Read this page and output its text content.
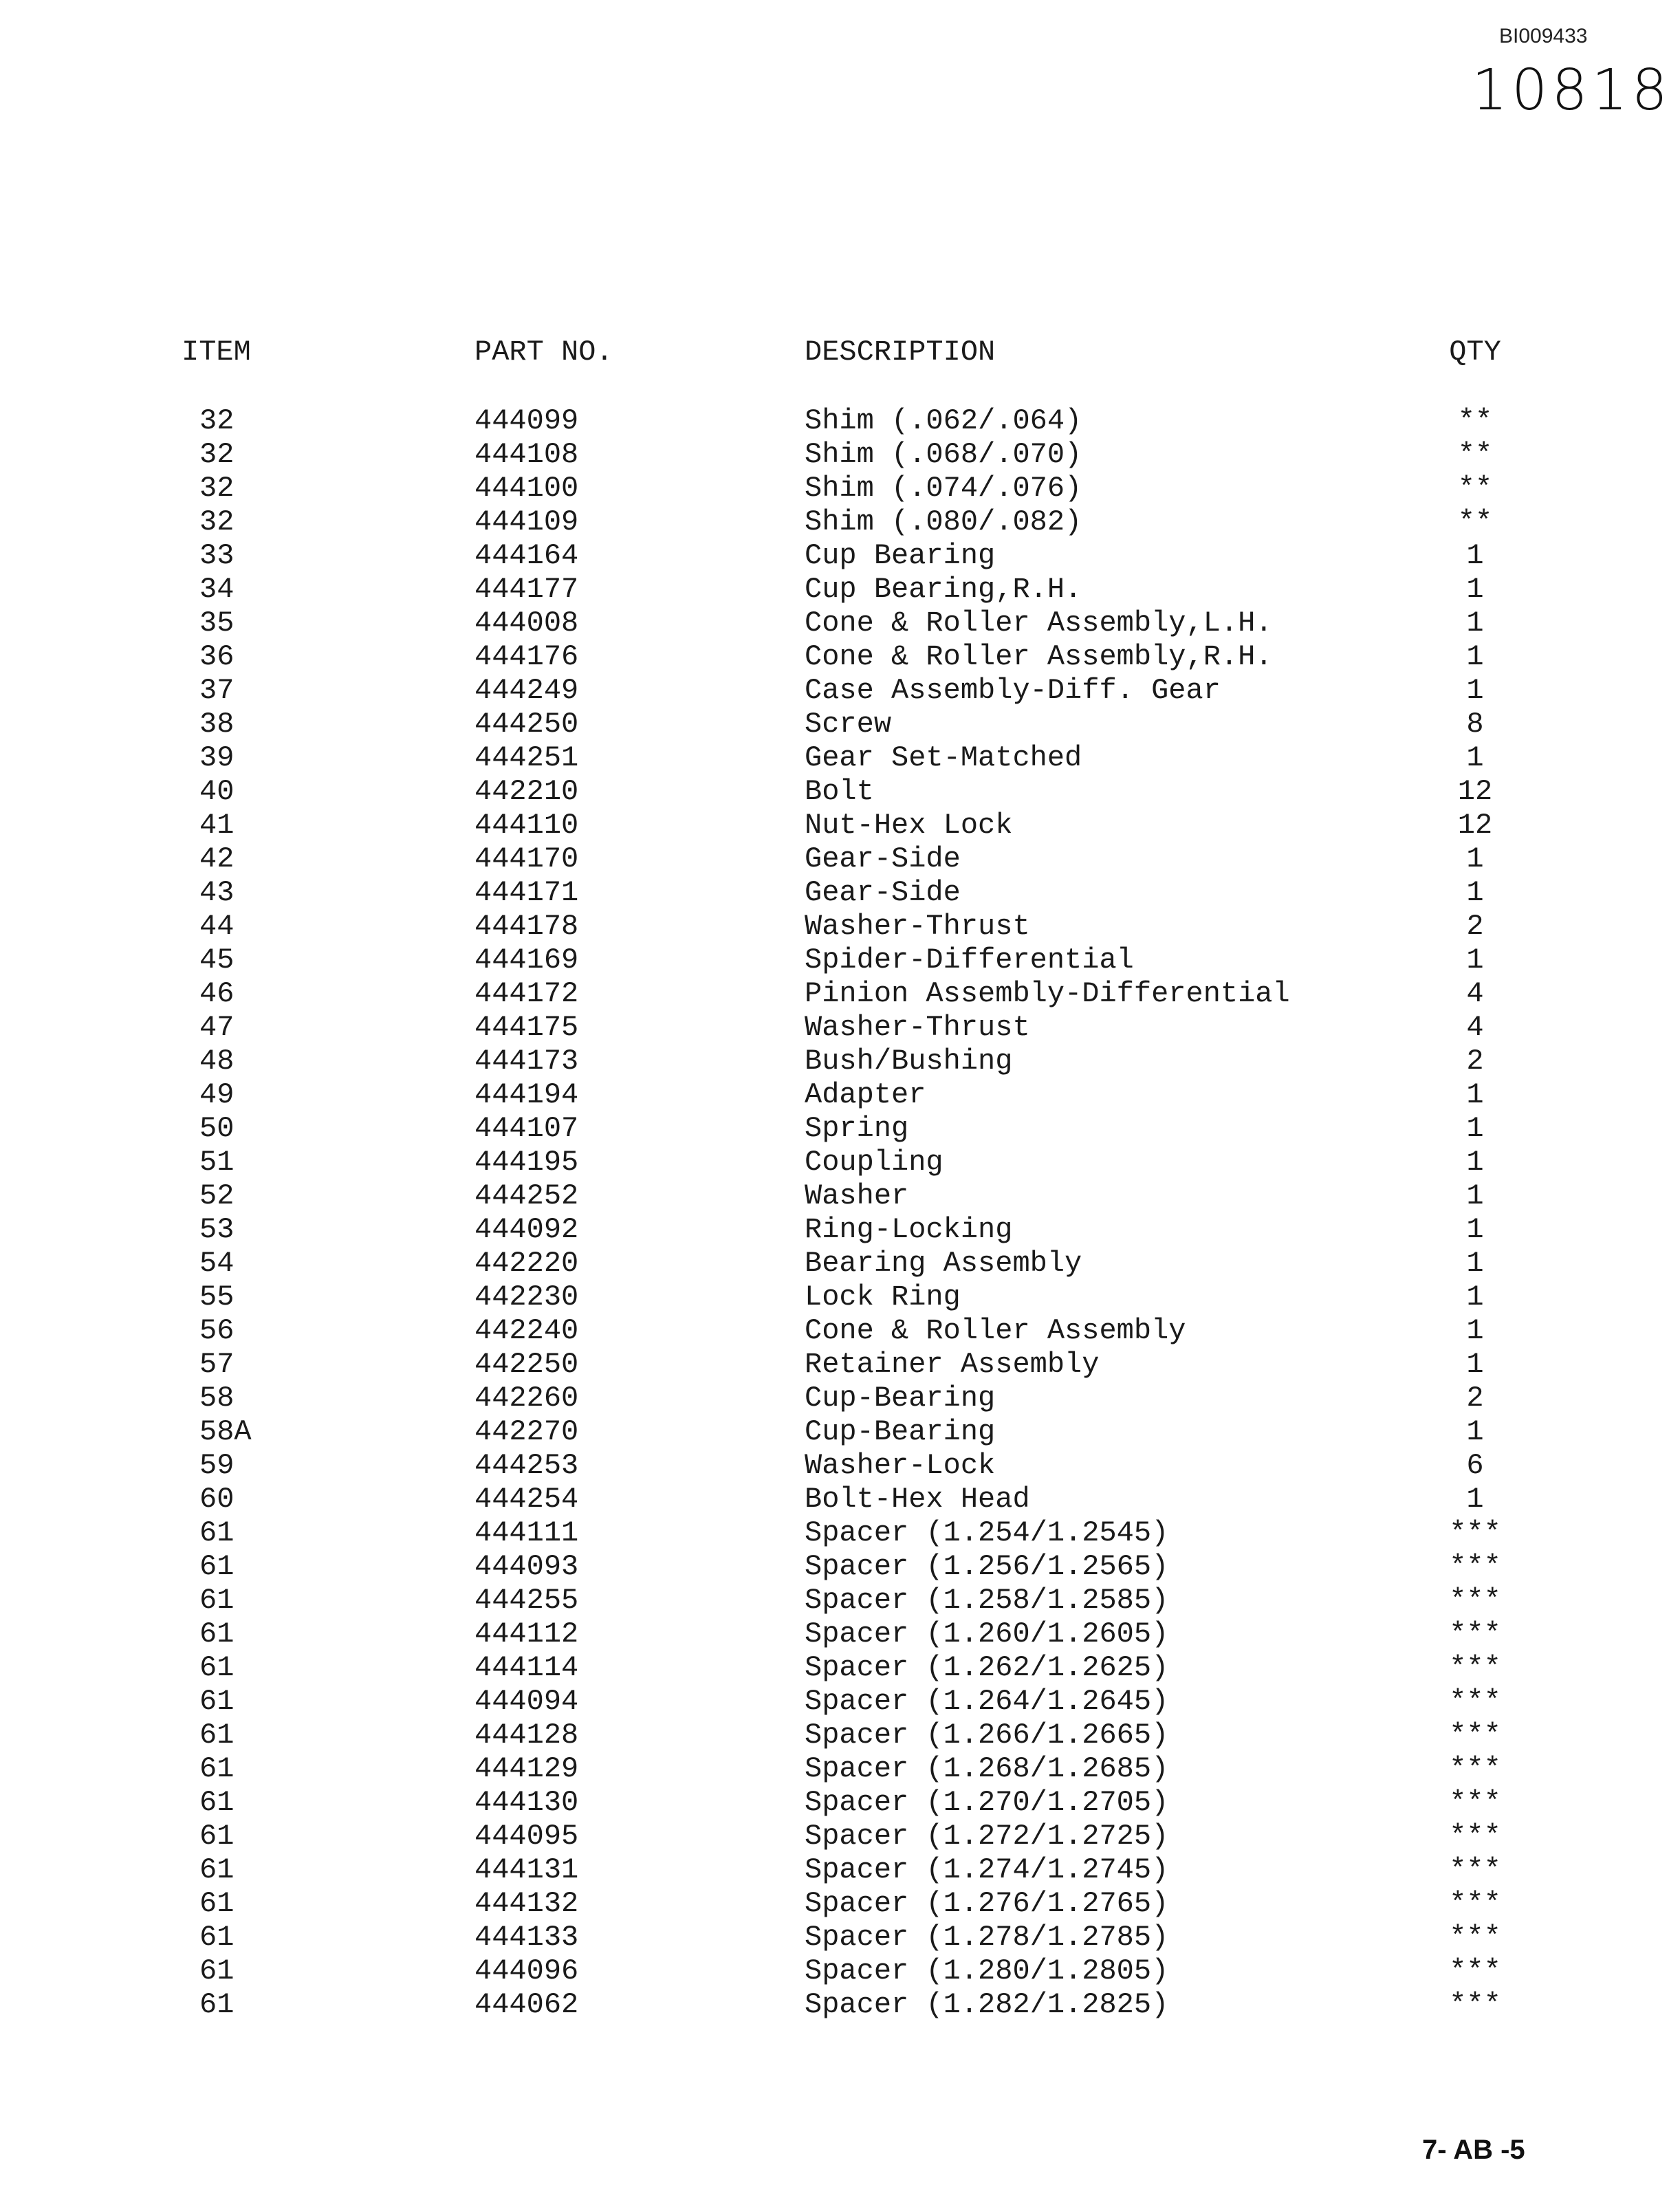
BI009433
10818
ITEM	PART NO.	DESCRIPTION	QTY
32	444099	Shim (.062/.064)	**
32	444108	Shim (.068/.070)	**
32	444100	Shim (.074/.076)	**
32	444109	Shim (.080/.082)	**
33	444164	Cup Bearing	1
34	444177	Cup Bearing,R.H.	1
35	444008	Cone & Roller Assembly,L.H.	1
36	444176	Cone & Roller Assembly,R.H.	1
37	444249	Case Assembly-Diff. Gear	1
38	444250	Screw	8
39	444251	Gear Set-Matched	1
40	442210	Bolt	12
41	444110	Nut-Hex Lock	12
42	444170	Gear-Side	1
43	444171	Gear-Side	1
44	444178	Washer-Thrust	2
45	444169	Spider-Differential	1
46	444172	Pinion Assembly-Differential	4
47	444175	Washer-Thrust	4
48	444173	Bush/Bushing	2
49	444194	Adapter	1
50	444107	Spring	1
51	444195	Coupling	1
52	444252	Washer	1
53	444092	Ring-Locking	1
54	442220	Bearing Assembly	1
55	442230	Lock Ring	1
56	442240	Cone & Roller Assembly	1
57	442250	Retainer Assembly	1
58	442260	Cup-Bearing	2
58A	442270	Cup-Bearing	1
59	444253	Washer-Lock	6
60	444254	Bolt-Hex Head	1
61	444111	Spacer (1.254/1.2545)	***
61	444093	Spacer (1.256/1.2565)	***
61	444255	Spacer (1.258/1.2585)	***
61	444112	Spacer (1.260/1.2605)	***
61	444114	Spacer (1.262/1.2625)	***
61	444094	Spacer (1.264/1.2645)	***
61	444128	Spacer (1.266/1.2665)	***
61	444129	Spacer (1.268/1.2685)	***
61	444130	Spacer (1.270/1.2705)	***
61	444095	Spacer (1.272/1.2725)	***
61	444131	Spacer (1.274/1.2745)	***
61	444132	Spacer (1.276/1.2765)	***
61	444133	Spacer (1.278/1.2785)	***
61	444096	Spacer (1.280/1.2805)	***
61	444062	Spacer (1.282/1.2825)	***
7- AB -5
